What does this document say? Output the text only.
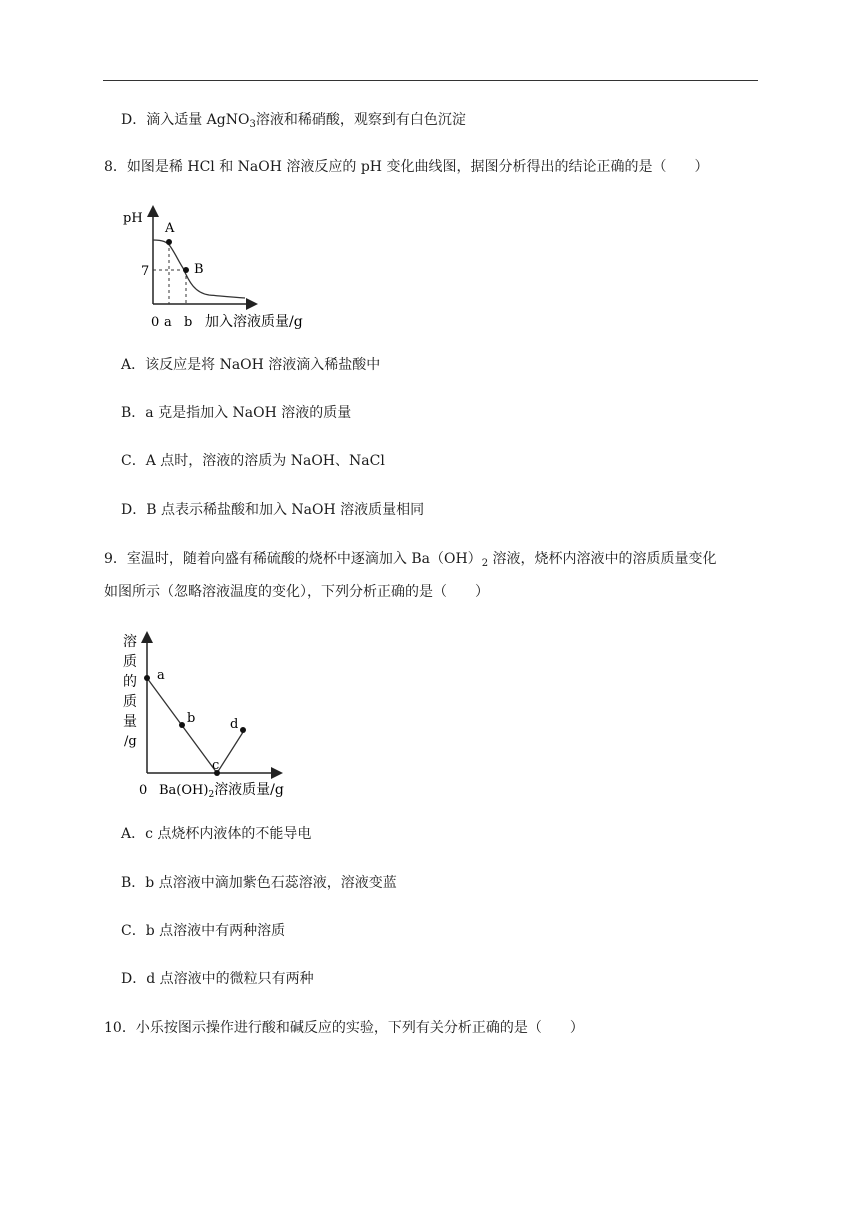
D．滴入适量 AgNO$_3$溶液和稀硝酸，观察到有白色沉淀
8．如图是稀 HCl 和 NaOH 溶液反应的 pH 变化曲线图，据图分析得出的结论正确的是（　　）
pH
7
A
B
0 a b 加入溶液质量/g
A．该反应是将 NaOH 溶液滴入稀盐酸中
B．a 克是指加入 NaOH 溶液的质量
C．A 点时，溶液的溶质为 NaOH、NaCl
D．B 点表示稀盐酸和加入 NaOH 溶液质量相同
9．室温时，随着向盛有稀硫酸的烧杯中逐滴加入 $Ba(OH)_2$ 溶液，烧杯内溶液中的溶质质量变化
如图所示（忽略溶液温度的变化），下列分析正确的是（　　）
a
b
c
d
溶
质
的
质
量
/g
0 $Ba(OH)_2$溶液质量/g
A．c 点烧杯内液体的不能导电
B．b 点溶液中滴加紫色石蕊溶液，溶液变蓝
C．b 点溶液中有两种溶质
D．d 点溶液中的微粒只有两种
10．小乐按图示操作进行酸和碱反应的实验，下列有关分析正确的是（　　）
